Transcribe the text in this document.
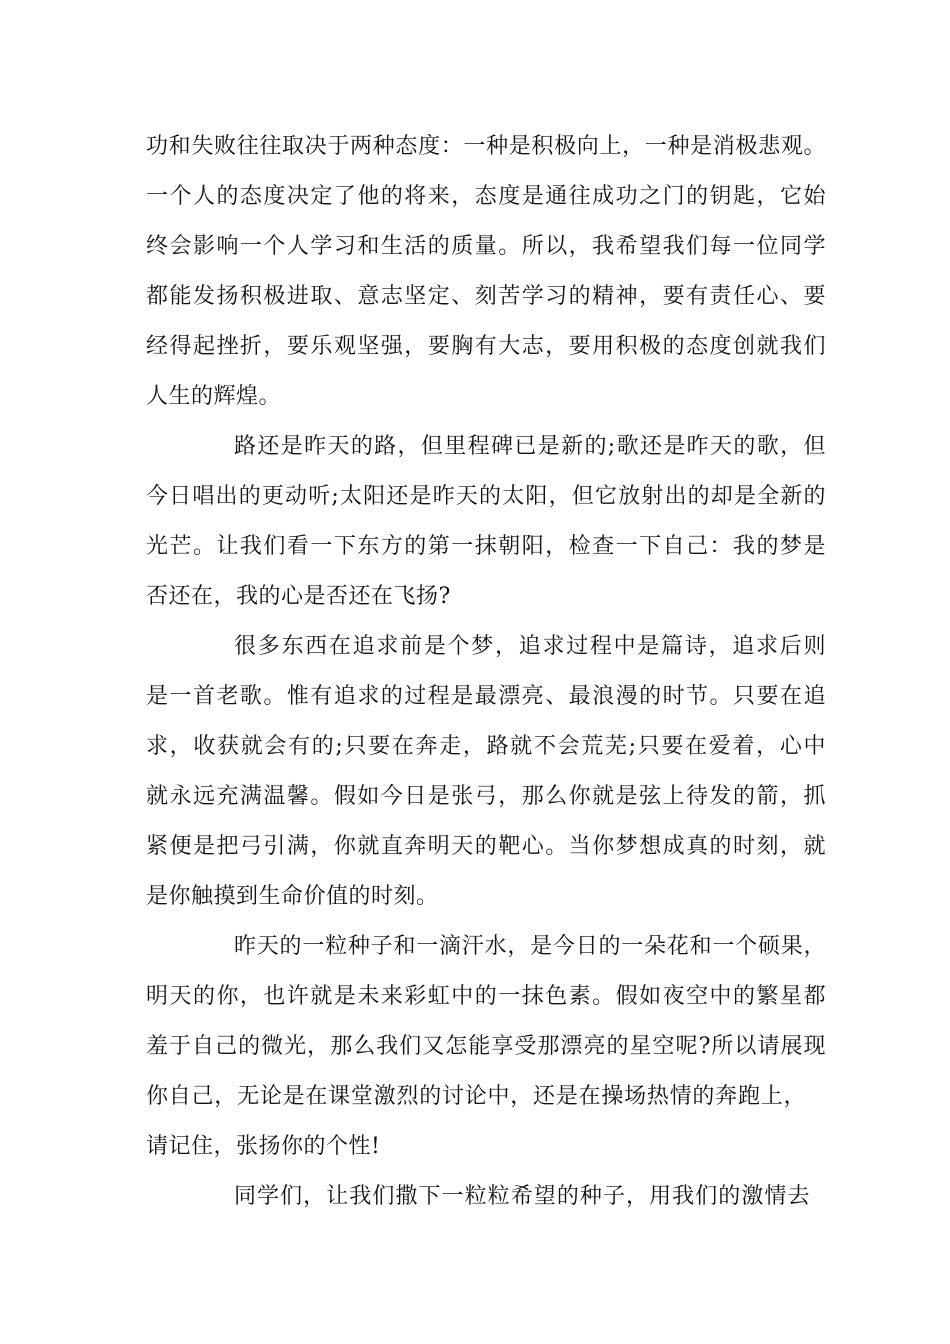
功和失败往往取决于两种态度：一种是积极向上，一种是消极悲观。
一个人的态度决定了他的将来，态度是通往成功之门的钥匙，它始
终会影响一个人学习和生活的质量。所以，我希望我们每一位同学
都能发扬积极进取、意志坚定、刻苦学习的精神，要有责任心、要
经得起挫折，要乐观坚强，要胸有大志，要用积极的态度创就我们
人生的辉煌。
路还是昨天的路，但里程碑已是新的;歌还是昨天的歌，但
今日唱出的更动听;太阳还是昨天的太阳，但它放射出的却是全新的
光芒。让我们看一下东方的第一抹朝阳，检查一下自己：我的梦是
否还在，我的心是否还在飞扬?
很多东西在追求前是个梦，追求过程中是篇诗，追求后则
是一首老歌。惟有追求的过程是最漂亮、最浪漫的时节。只要在追
求，收获就会有的;只要在奔走，路就不会荒芜;只要在爱着，心中
就永远充满温馨。假如今日是张弓，那么你就是弦上待发的箭，抓
紧便是把弓引满，你就直奔明天的靶心。当你梦想成真的时刻，就
是你触摸到生命价值的时刻。
昨天的一粒种子和一滴汗水，是今日的一朵花和一个硕果，
明天的你，也许就是未来彩虹中的一抹色素。假如夜空中的繁星都
羞于自己的微光，那么我们又怎能享受那漂亮的星空呢?所以请展现
你自己，无论是在课堂激烈的讨论中，还是在操场热情的奔跑上，
请记住，张扬你的个性!
同学们，让我们撒下一粒粒希望的种子，用我们的激情去
